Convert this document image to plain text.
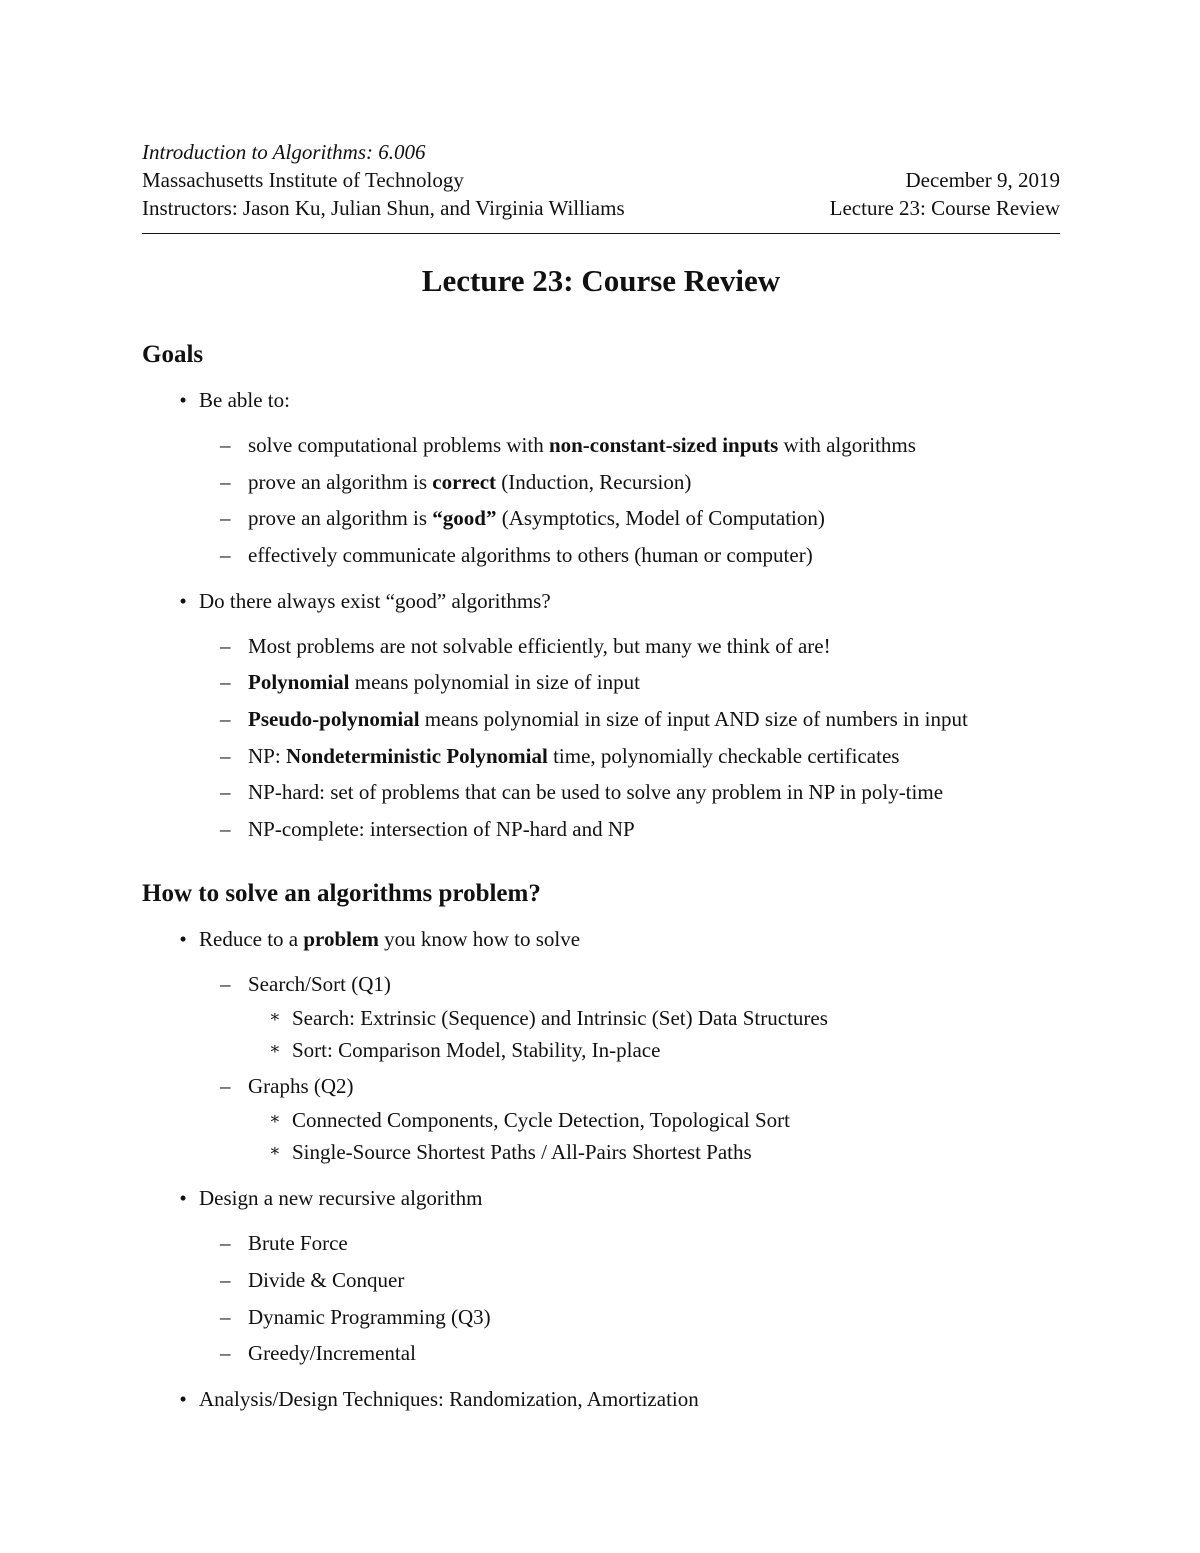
Introduction to Algorithms: 6.006
Massachusetts Institute of Technology	December 9, 2019
Instructors: Jason Ku, Julian Shun, and Virginia Williams	Lecture 23: Course Review
Lecture 23: Course Review
Goals
• Be able to:
– solve computational problems with non-constant-sized inputs with algorithms
– prove an algorithm is correct (Induction, Recursion)
– prove an algorithm is “good” (Asymptotics, Model of Computation)
– effectively communicate algorithms to others (human or computer)
• Do there always exist “good” algorithms?
– Most problems are not solvable efficiently, but many we think of are!
– Polynomial means polynomial in size of input
– Pseudo-polynomial means polynomial in size of input AND size of numbers in input
– NP: Nondeterministic Polynomial time, polynomially checkable certificates
– NP-hard: set of problems that can be used to solve any problem in NP in poly-time
– NP-complete: intersection of NP-hard and NP
How to solve an algorithms problem?
• Reduce to a problem you know how to solve
– Search/Sort (Q1)
∗ Search: Extrinsic (Sequence) and Intrinsic (Set) Data Structures
∗ Sort: Comparison Model, Stability, In-place
– Graphs (Q2)
∗ Connected Components, Cycle Detection, Topological Sort
∗ Single-Source Shortest Paths / All-Pairs Shortest Paths
• Design a new recursive algorithm
– Brute Force
– Divide & Conquer
– Dynamic Programming (Q3)
– Greedy/Incremental
• Analysis/Design Techniques: Randomization, Amortization
